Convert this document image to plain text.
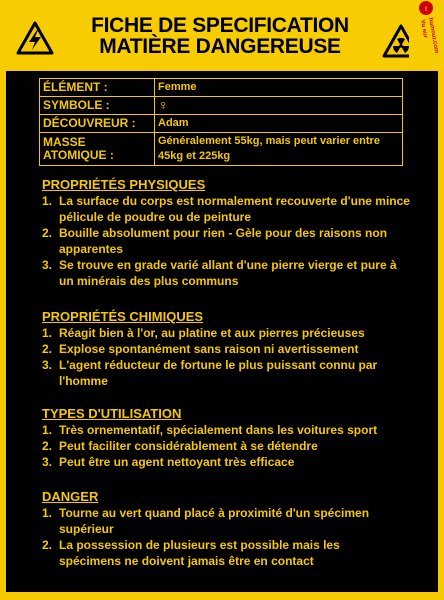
FICHE DE SPECIFICATION
MATIÈRE DANGEREUSE
!
Vu sur
humour.com
ÉLÉMENT :	Femme
SYMBOLE :	♀
DÉCOUVREUR :	Adam
MASSE ATOMIQUE :	Généralement 55kg, mais peut varier entre 45kg et 225kg
PROPRIÉTÉS PHYSIQUES
1. La surface du corps est normalement recouverte d'une mince pélicule de poudre ou de peinture
2. Bouille absolument pour rien - Gèle pour des raisons non apparentes
3. Se trouve en grade varié allant d'une pierre vierge et pure à un minérais des plus communs
PROPRIÉTÉS CHIMIQUES
1. Réagit bien à l'or, au platine et aux pierres précieuses
2. Explose spontanément sans raison ni avertissement
3. L'agent réducteur de fortune le plus puissant connu par l'homme
TYPES D'UTILISATION
1. Très ornementatif, spécialement dans les voitures sport
2. Peut faciliter considérablement à se détendre
3. Peut être un agent nettoyant très efficace
DANGER
1. Tourne au vert quand placé à proximité d'un spécimen supérieur
2. La possession de plusieurs est possible mais les spécimens ne doivent jamais être en contact
